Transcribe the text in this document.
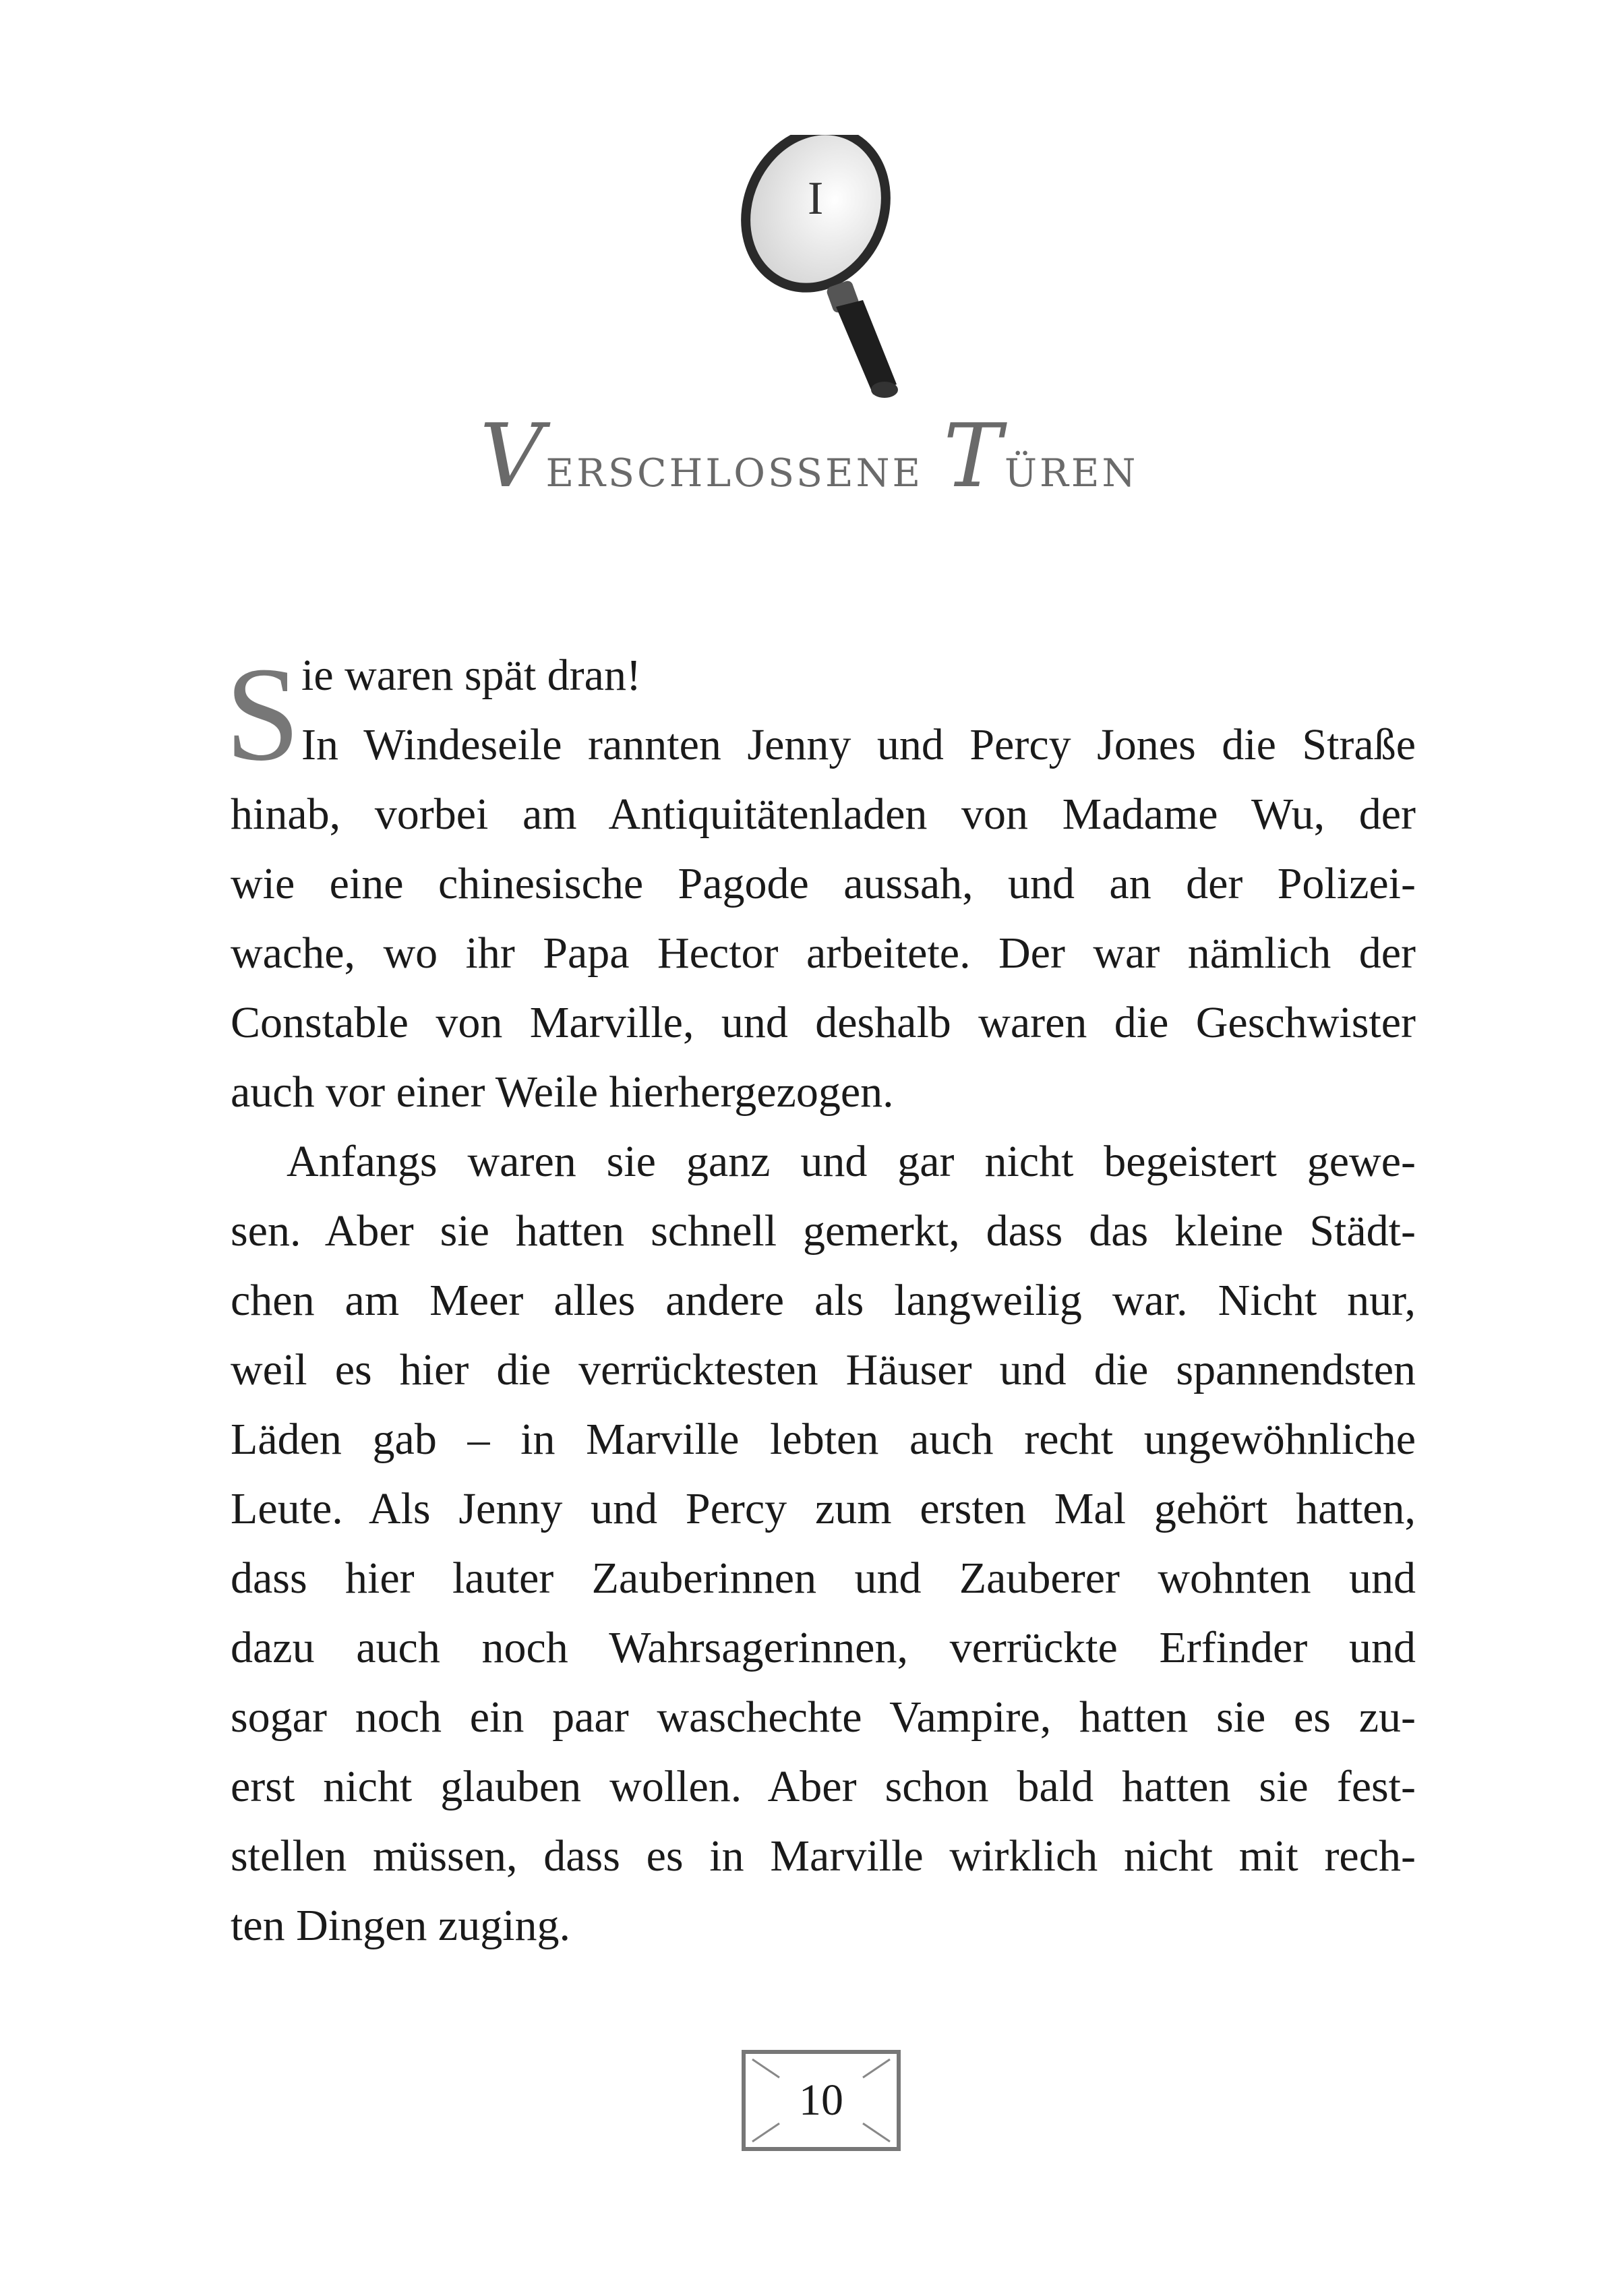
I
Verschlossene Türen
S ie waren spät dran!
In Windeseile rannten Jenny und Percy Jones die Straße
hinab, vorbei am Antiquitätenladen von Madame Wu, der
wie eine chinesische Pagode aussah, und an der Polizei-
wache, wo ihr Papa Hector arbeitete. Der war nämlich der
Constable von Marville, und deshalb waren die Geschwister
auch vor einer Weile hierhergezogen.
Anfangs waren sie ganz und gar nicht begeistert gewe-
sen. Aber sie hatten schnell gemerkt, dass das kleine Städt-
chen am Meer alles andere als langweilig war. Nicht nur,
weil es hier die verrücktesten Häuser und die spannendsten
Läden gab – in Marville lebten auch recht ungewöhnliche
Leute. Als Jenny und Percy zum ersten Mal gehört hatten,
dass hier lauter Zauberinnen und Zauberer wohnten und
dazu auch noch Wahrsagerinnen, verrückte Erfinder und
sogar noch ein paar waschechte Vampire, hatten sie es zu-
erst nicht glauben wollen. Aber schon bald hatten sie fest-
stellen müssen, dass es in Marville wirklich nicht mit rech-
ten Dingen zuging.
10
